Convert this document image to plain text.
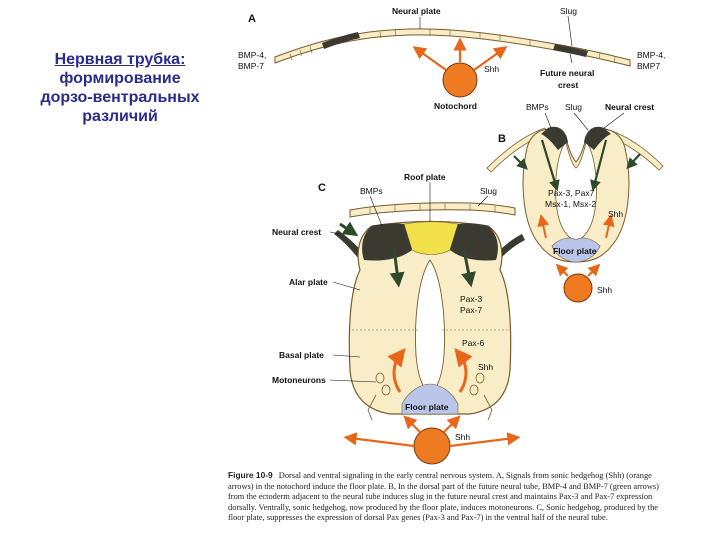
Нервная трубка:
формирование
дорзо-вентральных
различий
A
Neural plate	Slug
BMP-4,
BMP-7
BMP-4,
BMP7
Shh
Notochord
Future neural
crest
B
BMPs Slug	Neural crest
Pax-3, Pax7
Msx-1, Msx-2
Shh
Floor plate
Shh
C
Roof plate
BMPs	Slug
Neural crest
Alar plate
Pax-3
Pax-7
Basal plate
Pax-6
Shh
Motoneurons
Floor plate
Shh
Figure 10-9 Dorsal and ventral signaling in the early central nervous system. A, Signals from sonic hedgehog (Shh) (orange arrows) in the notochord induce the floor plate. B, In the dorsal part of the future neural tube, BMP-4 and BMP-7 (green arrows) from the ectoderm adjacent to the neural tube induces slug in the future neural crest and maintains Pax-3 and Pax-7 expression dorsally. Ventrally, sonic hedgehog, now produced by the floor plate, induces motoneurons. C, Sonic hedgehog, produced by the floor plate, suppresses the expression of dorsal Pax genes (Pax-3 and Pax-7) in the ventral half of the neural tube.
